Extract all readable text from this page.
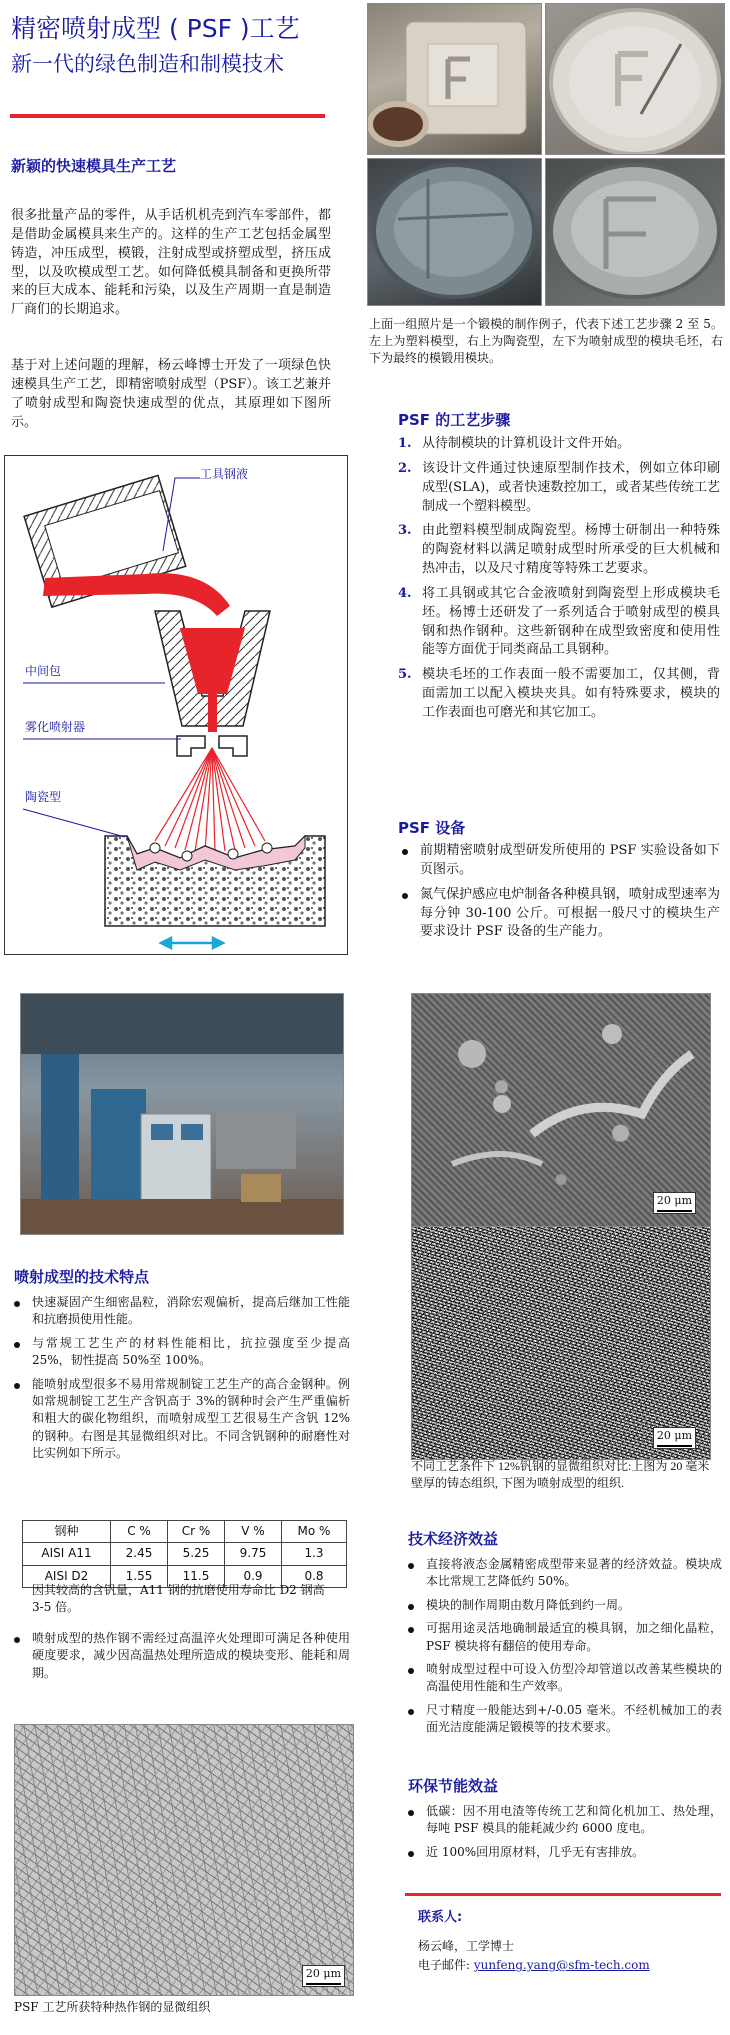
精密喷射成型 ( PSF )工艺
新一代的绿色制造和制模技术
上面一组照片是一个锻模的制作例子，代表下述工艺步骤 2 至 5。左上为塑料模型，右上为陶瓷型，左下为喷射成型的模块毛坯，右下为最终的模锻用模块。
新颖的快速模具生产工艺
很多批量产品的零件，从手话机机壳到汽车零部件，都是借助金属模具来生产的。这样的生产工艺包括金属型铸造，冲压成型，模锻，注射成型或挤塑成型，挤压成型，以及吹模成型工艺。如何降低模具制备和更换所带来的巨大成本、能耗和污染，以及生产周期一直是制造厂商们的长期追求。
基于对上述问题的理解，杨云峰博士开发了一项绿色快速模具生产工艺，即精密喷射成型（PSF）。该工艺兼并了喷射成型和陶瓷快速成型的优点，其原理如下图所示。
工具钢液
中间包
雾化喷射器
陶瓷型
PSF 的工艺步骤
1. 从待制模块的计算机设计文件开始。
2. 该设计文件通过快速原型制作技术，例如立体印刷成型(SLA)，或者快速数控加工，或者某些传统工艺制成一个塑料模型。
3. 由此塑料模型制成陶瓷型。杨博士研制出一种特殊的陶瓷材料以满足喷射成型时所承受的巨大机械和热冲击，以及尺寸精度等特殊工艺要求。
4. 将工具钢或其它合金液喷射到陶瓷型上形成模块毛坯。杨博士还研发了一系列适合于喷射成型的模具钢和热作钢种。这些新钢种在成型致密度和使用性能等方面优于同类商品工具钢种。
5. 模块毛坯的工作表面一般不需要加工，仅其侧，背面需加工以配入模块夹具。如有特殊要求，模块的工作表面也可磨光和其它加工。
PSF 设备
前期精密喷射成型研发所使用的 PSF 实验设备如下页图示。
氮气保护感应电炉制备各种模具钢，喷射成型速率为每分钟 30-100 公斤。可根据一般尺寸的模块生产要求设计 PSF 设备的生产能力。
喷射成型的技术特点
快速凝固产生细密晶粒，消除宏观偏析，提高后继加工性能和抗磨损使用性能。
与常规工艺生产的材料性能相比，抗拉强度至少提高 25%，韧性提高 50%至 100%。
能喷射成型很多不易用常规制锭工艺生产的高合金钢种。例如常规制锭工艺生产含钒高于 3%的钢种时会产生严重偏析和粗大的碳化物组织，而喷射成型工艺很易生产含钒 12%的钢种。右图是其显微组织对比。不同含钒钢种的耐磨性对比实例如下所示。
钢种	C %	Cr %	V %	Mo %
AISI A11	2.45	5.25	9.75	1.3
AISI D2	1.55	11.5	0.9	0.8
因其较高的含钒量，A11 钢的抗磨使用寿命比 D2 钢高 3-5 倍。
喷射成型的热作钢不需经过高温淬火处理即可满足各种使用硬度要求，减少因高温热处理所造成的模块变形、能耗和周期。
20 μm
PSF 工艺所获特种热作钢的显微组织
20 μm
20 μm
不同工艺条件下 12%钒钢的显微组织对比:上图为 20 毫米壁厚的铸态组织, 下图为喷射成型的组织.
技术经济效益
直接将液态金属精密成型带来显著的经济效益。模块成本比常规工艺降低约 50%。
模块的制作周期由数月降低到约一周。
可据用途灵活地确制最适宜的模具钢，加之细化晶粒，PSF 模块将有翻倍的使用寿命。
喷射成型过程中可设入仿型冷却管道以改善某些模块的高温使用性能和生产效率。
尺寸精度一般能达到+/-0.05 毫米。不经机械加工的表面光洁度能满足锻模等的技术要求。
环保节能效益
低碳：因不用电渣等传统工艺和简化机加工、热处理，每吨 PSF 模具的能耗减少约 6000 度电。
近 100%回用原材料，几乎无有害排放。
联系人:
杨云峰，工学博士
电子邮件: yunfeng.yang@sfm-tech.com
